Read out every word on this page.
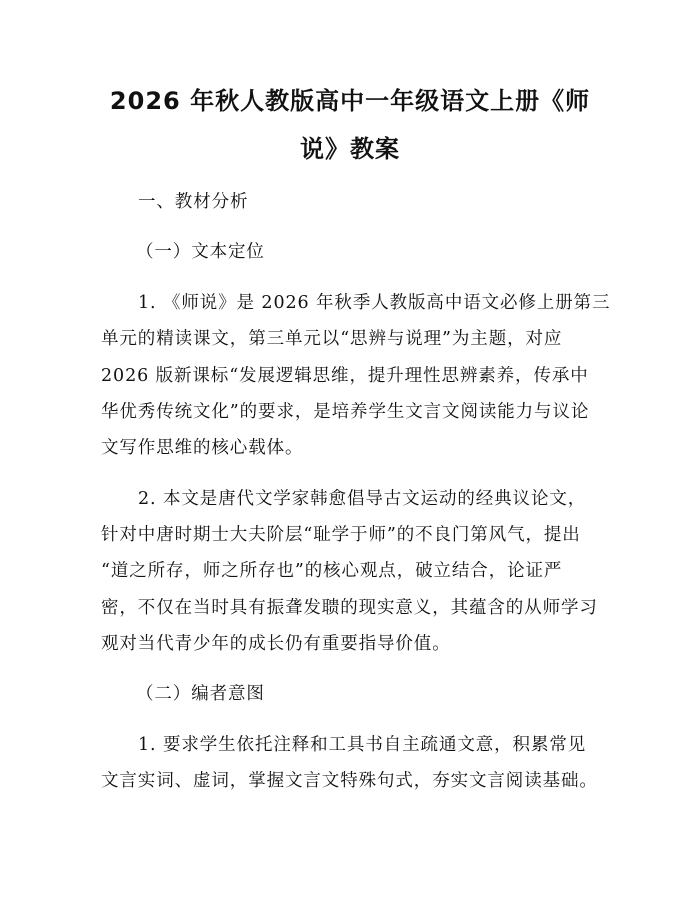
2026 年秋人教版高中一年级语文上册《师
说》教案

一、教材分析

（一）文本定位

1. 《师说》是 2026 年秋季人教版高中语文必修上册第三

单元的精读课文，第三单元以“思辨与说理”为主题，对应

2026 版新课标“发展逻辑思维，提升理性思辨素养，传承中

华优秀传统文化”的要求，是培养学生文言文阅读能力与议论

文写作思维的核心载体。

2. 本文是唐代文学家韩愈倡导古文运动的经典议论文，

针对中唐时期士大夫阶层“耻学于师”的不良门第风气，提出

“道之所存，师之所存也”的核心观点，破立结合，论证严

密，不仅在当时具有振聋发聩的现实意义，其蕴含的从师学习

观对当代青少年的成长仍有重要指导价值。

（二）编者意图

1. 要求学生依托注释和工具书自主疏通文意，积累常见

文言实词、虚词，掌握文言文特殊句式，夯实文言阅读基础。
